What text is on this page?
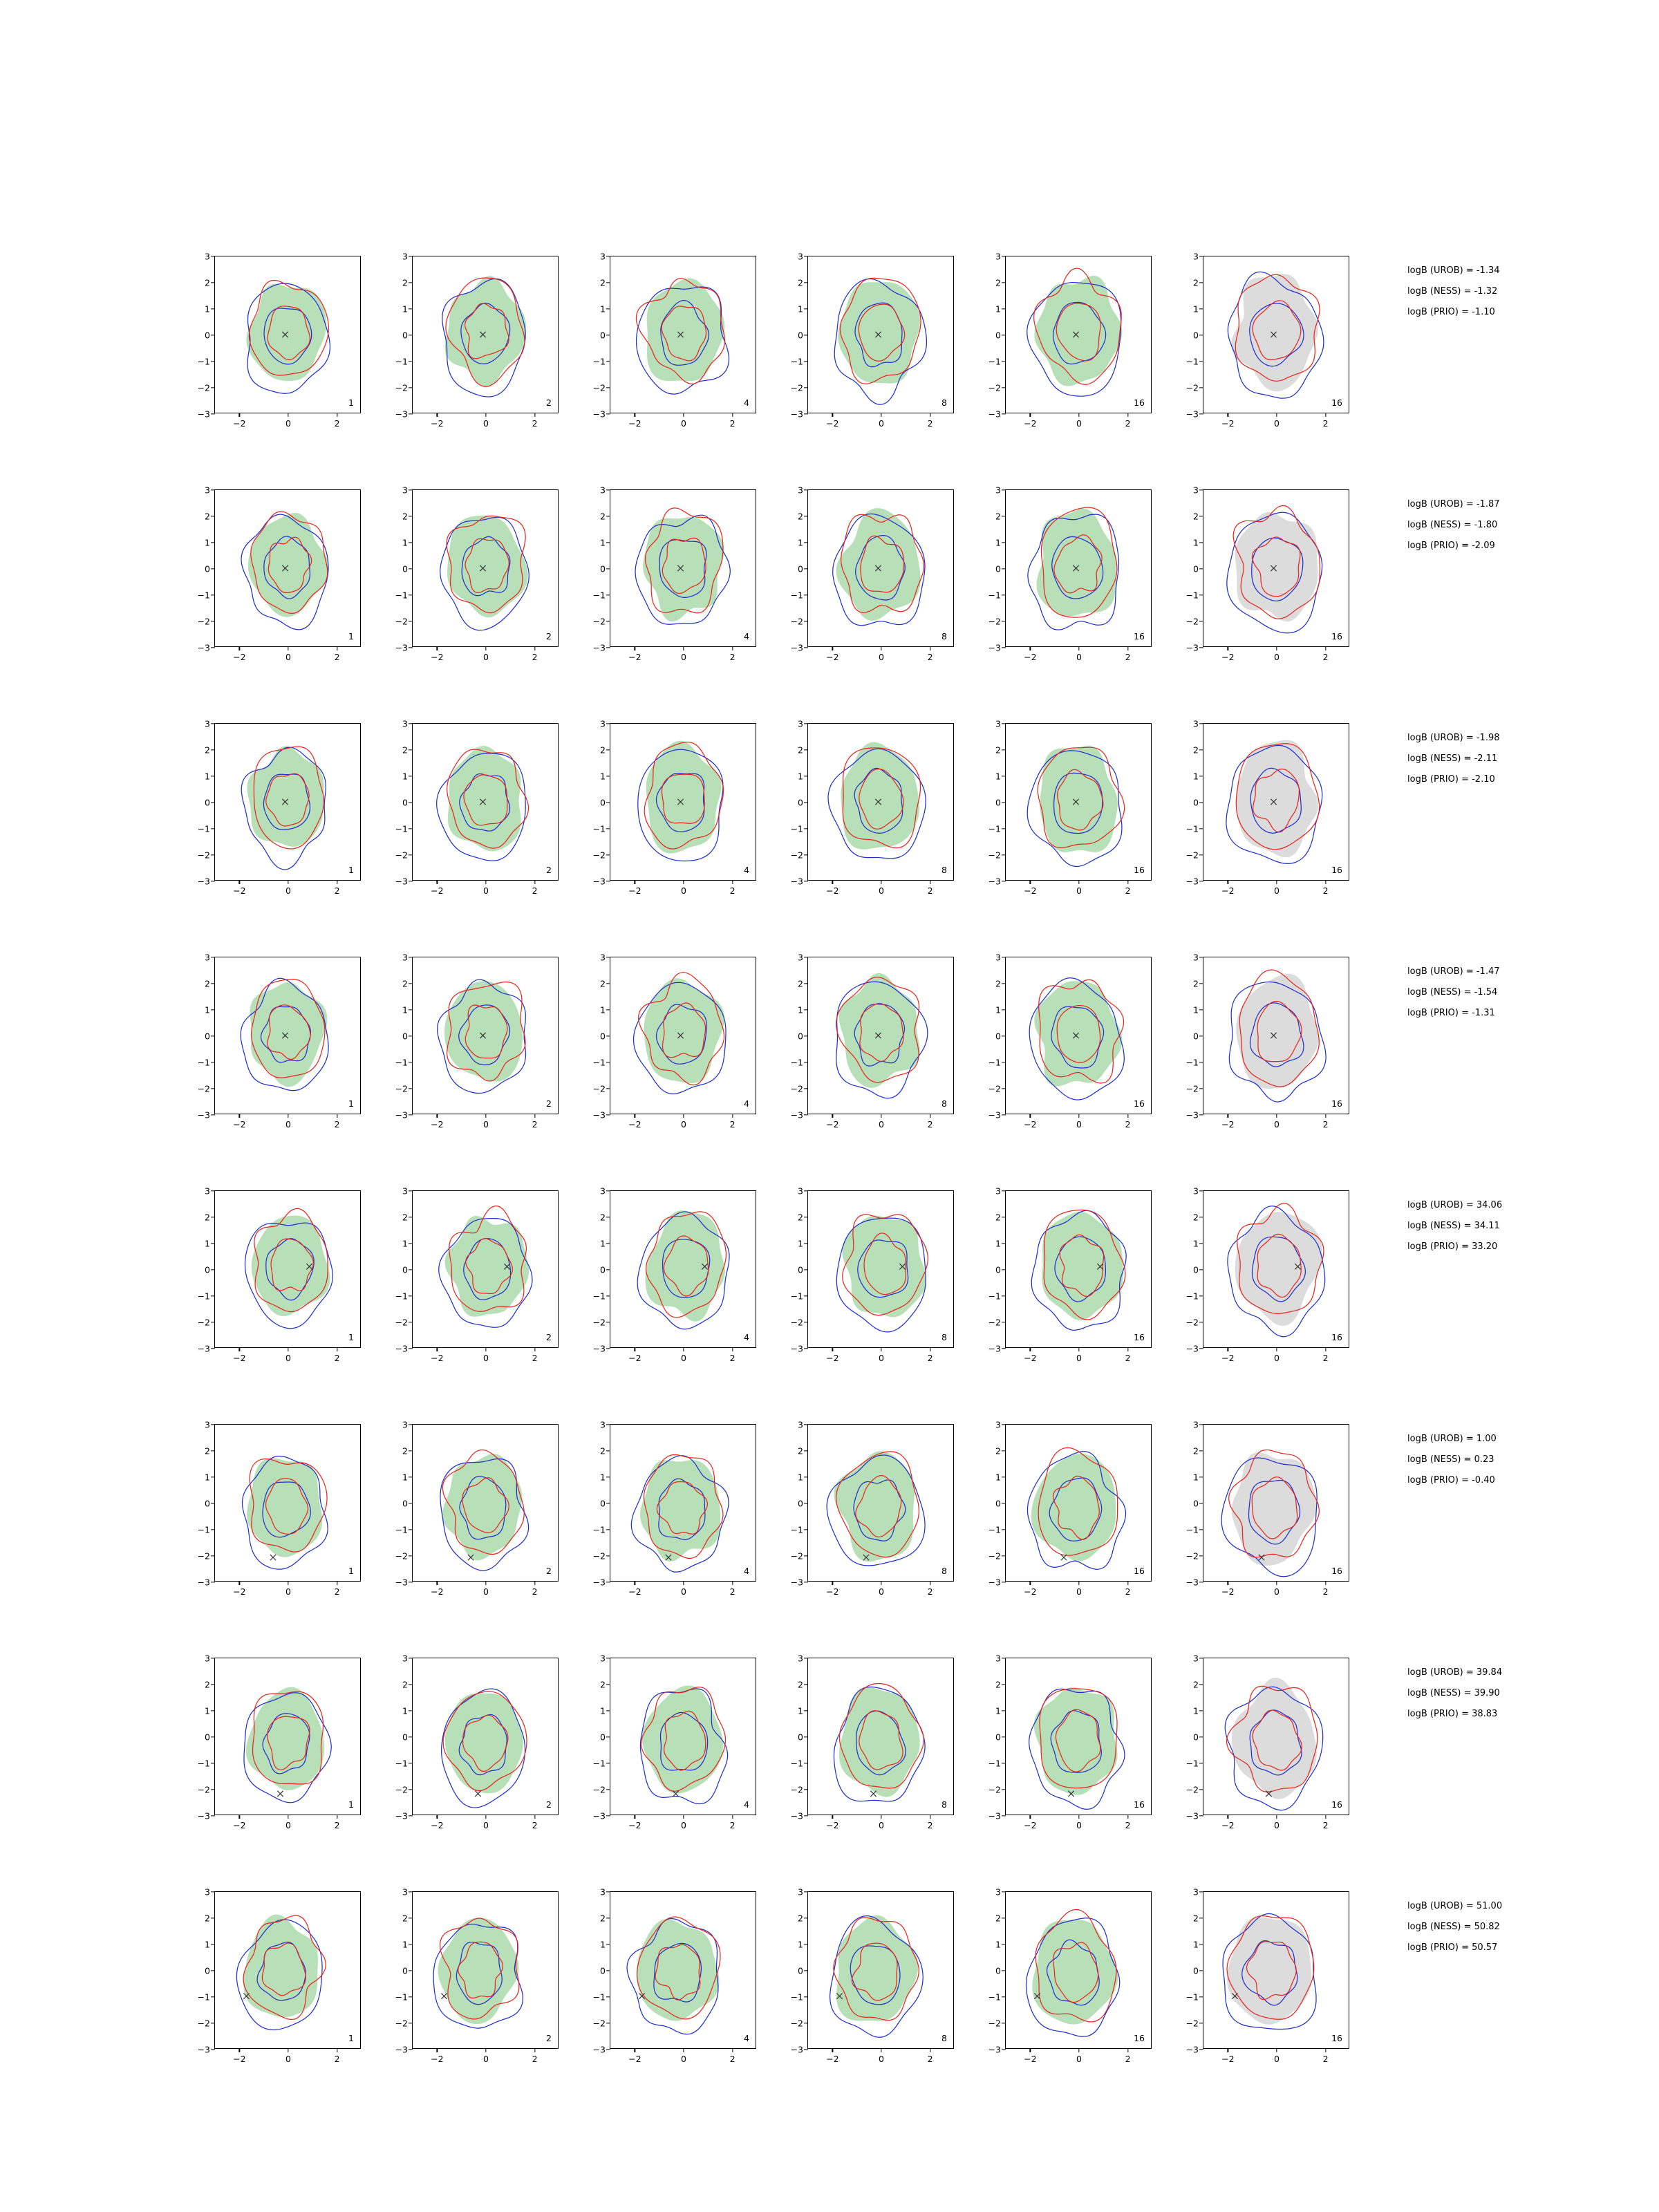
−3
−2
−1
0
1
2
3
−2	0	2
1
−3
−2
−1
0
1
2
3
−2	0	2
2
−3
−2
−1
0
1
2
3
−2	0	2
4
−3
−2
−1
0
1
2
3
−2	0	2
8
−3
−2
−1
0
1
2
3
−2	0	2
16
−3
−2
−1
0
1
2
3
−2	0	2
16
logB (UROB) = -1.34
logB (NESS) = -1.32
logB (PRIO) = -1.10
−3
−2
−1
0
1
2
3
−2	0	2
1
−3
−2
−1
0
1
2
3
−2	0	2
2
−3
−2
−1
0
1
2
3
−2	0	2
4
−3
−2
−1
0
1
2
3
−2	0	2
8
−3
−2
−1
0
1
2
3
−2	0	2
16
−3
−2
−1
0
1
2
3
−2	0	2
16
logB (UROB) = -1.87
logB (NESS) = -1.80
logB (PRIO) = -2.09
−3
−2
−1
0
1
2
3
−2	0	2
1
−3
−2
−1
0
1
2
3
−2	0	2
2
−3
−2
−1
0
1
2
3
−2	0	2
4
−3
−2
−1
0
1
2
3
−2	0	2
8
−3
−2
−1
0
1
2
3
−2	0	2
16
−3
−2
−1
0
1
2
3
−2	0	2
16
logB (UROB) = -1.98
logB (NESS) = -2.11
logB (PRIO) = -2.10
−3
−2
−1
0
1
2
3
−2	0	2
1
−3
−2
−1
0
1
2
3
−2	0	2
2
−3
−2
−1
0
1
2
3
−2	0	2
4
−3
−2
−1
0
1
2
3
−2	0	2
8
−3
−2
−1
0
1
2
3
−2	0	2
16
−3
−2
−1
0
1
2
3
−2	0	2
16
logB (UROB) = -1.47
logB (NESS) = -1.54
logB (PRIO) = -1.31
−3
−2
−1
0
1
2
3
−2	0	2
1
−3
−2
−1
0
1
2
3
−2	0	2
2
−3
−2
−1
0
1
2
3
−2	0	2
4
−3
−2
−1
0
1
2
3
−2	0	2
8
−3
−2
−1
0
1
2
3
−2	0	2
16
−3
−2
−1
0
1
2
3
−2	0	2
16
logB (UROB) = 34.06
logB (NESS) = 34.11
logB (PRIO) = 33.20
−3
−2
−1
0
1
2
3
−2	0	2
1
−3
−2
−1
0
1
2
3
−2	0	2
2
−3
−2
−1
0
1
2
3
−2	0	2
4
−3
−2
−1
0
1
2
3
−2	0	2
8
−3
−2
−1
0
1
2
3
−2	0	2
16
−3
−2
−1
0
1
2
3
−2	0	2
16
logB (UROB) = 1.00
logB (NESS) = 0.23
logB (PRIO) = -0.40
−3
−2
−1
0
1
2
3
−2	0	2
1
−3
−2
−1
0
1
2
3
−2	0	2
2
−3
−2
−1
0
1
2
3
−2	0	2
4
−3
−2
−1
0
1
2
3
−2	0	2
8
−3
−2
−1
0
1
2
3
−2	0	2
16
−3
−2
−1
0
1
2
3
−2	0	2
16
logB (UROB) = 39.84
logB (NESS) = 39.90
logB (PRIO) = 38.83
−3
−2
−1
0
1
2
3
−2	0	2
1
−3
−2
−1
0
1
2
3
−2	0	2
2
−3
−2
−1
0
1
2
3
−2	0	2
4
−3
−2
−1
0
1
2
3
−2	0	2
8
−3
−2
−1
0
1
2
3
−2	0	2
16
−3
−2
−1
0
1
2
3
−2	0	2
16
logB (UROB) = 51.00
logB (NESS) = 50.82
logB (PRIO) = 50.57
